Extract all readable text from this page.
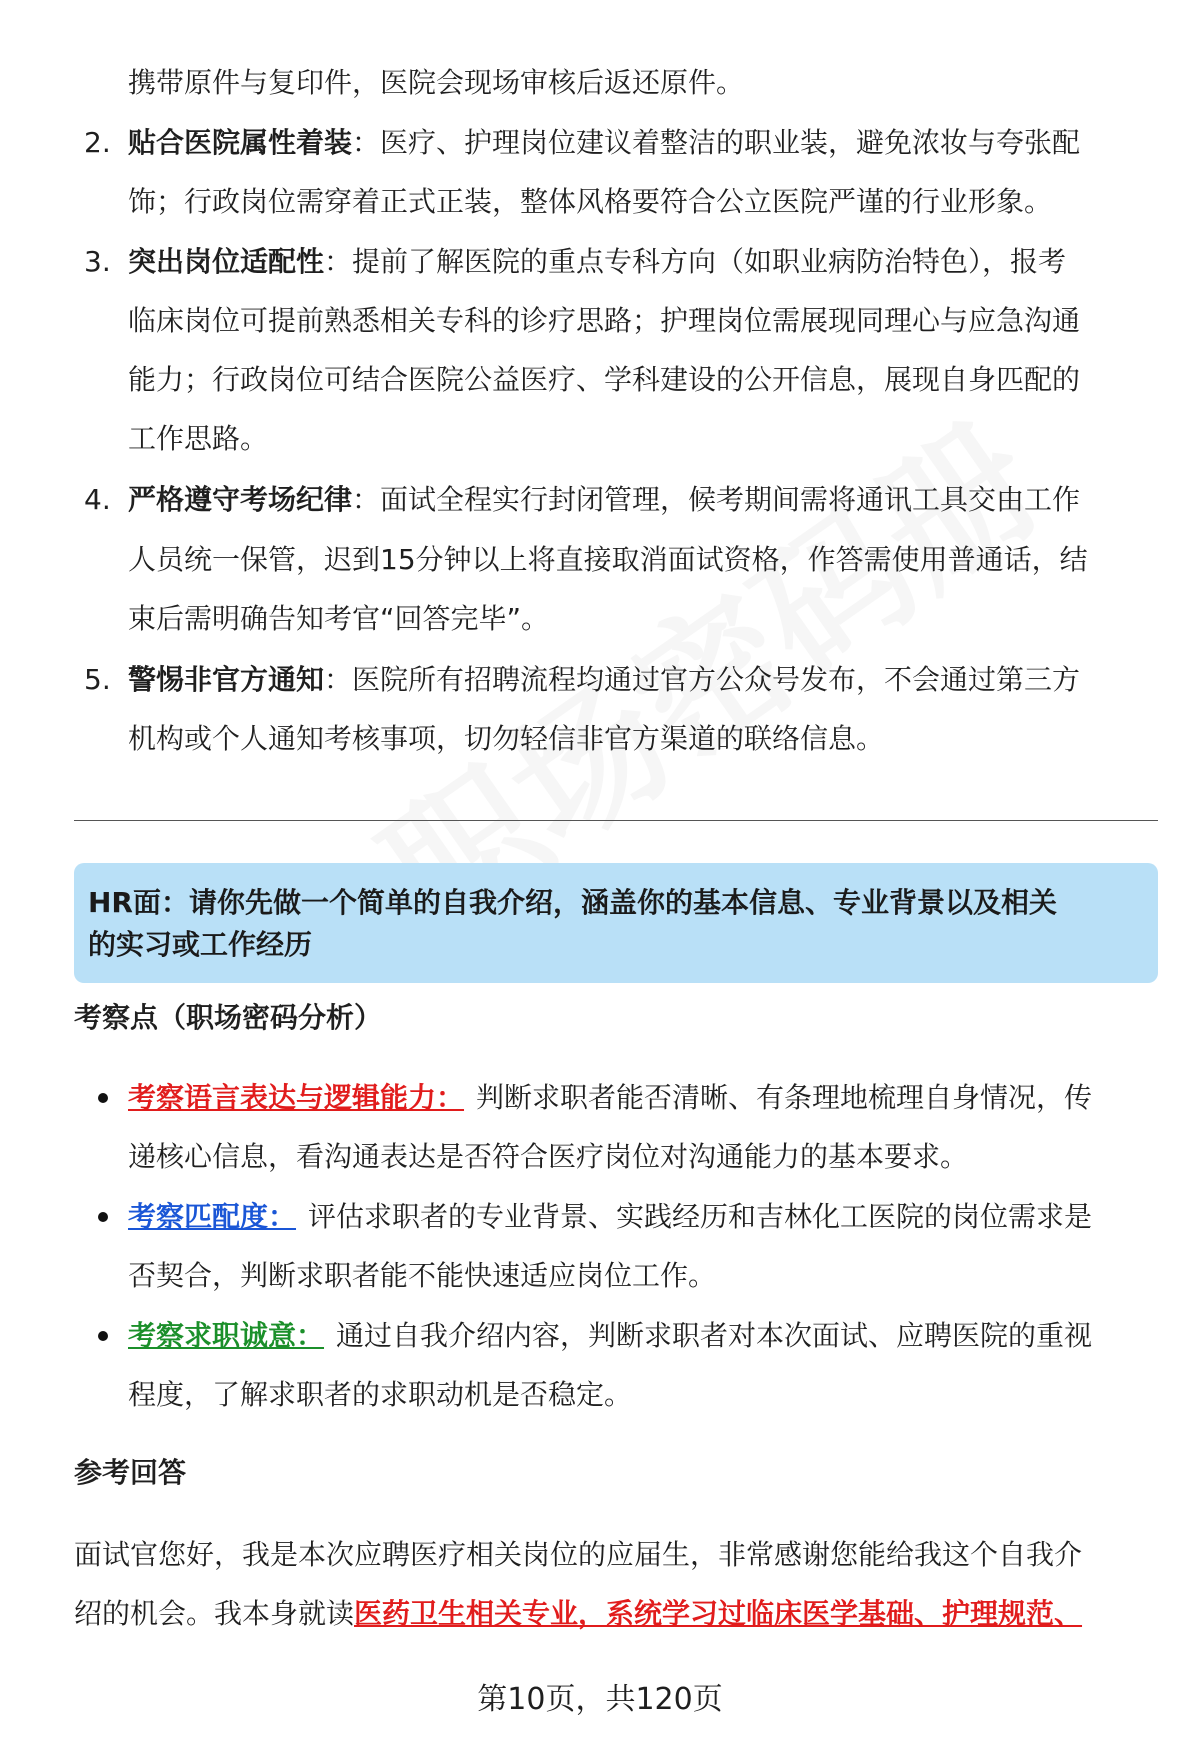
携带原件与复印件，医院会现场审核后返还原件。
2. 贴合医院属性着装：医疗、护理岗位建议着整洁的职业装，避免浓妆与夸张配
饰；行政岗位需穿着正式正装，整体风格要符合公立医院严谨的行业形象。
3. 突出岗位适配性：提前了解医院的重点专科方向（如职业病防治特色），报考
临床岗位可提前熟悉相关专科的诊疗思路；护理岗位需展现同理心与应急沟通
能力；行政岗位可结合医院公益医疗、学科建设的公开信息，展现自身匹配的
工作思路。
4. 严格遵守考场纪律：面试全程实行封闭管理，候考期间需将通讯工具交由工作
人员统一保管，迟到15分钟以上将直接取消面试资格，作答需使用普通话，结
束后需明确告知考官“回答完毕”。
5. 警惕非官方通知：医院所有招聘流程均通过官方公众号发布，不会通过第三方
机构或个人通知考核事项，切勿轻信非官方渠道的联络信息。
HR面：请你先做一个简单的自我介绍，涵盖你的基本信息、专业背景以及相关
的实习或工作经历
考察点（职场密码分析）
考察语言表达与逻辑能力： 判断求职者能否清晰、有条理地梳理自身情况，传
递核心信息，看沟通表达是否符合医疗岗位对沟通能力的基本要求。
考察匹配度： 评估求职者的专业背景、实践经历和吉林化工医院的岗位需求是
否契合，判断求职者能不能快速适应岗位工作。
考察求职诚意： 通过自我介绍内容，判断求职者对本次面试、应聘医院的重视
程度，了解求职者的求职动机是否稳定。
参考回答
面试官您好，我是本次应聘医疗相关岗位的应届生，非常感谢您能给我这个自我介
绍的机会。我本身就读医药卫生相关专业，系统学习过临床医学基础、护理规范、
第10页，共120页
